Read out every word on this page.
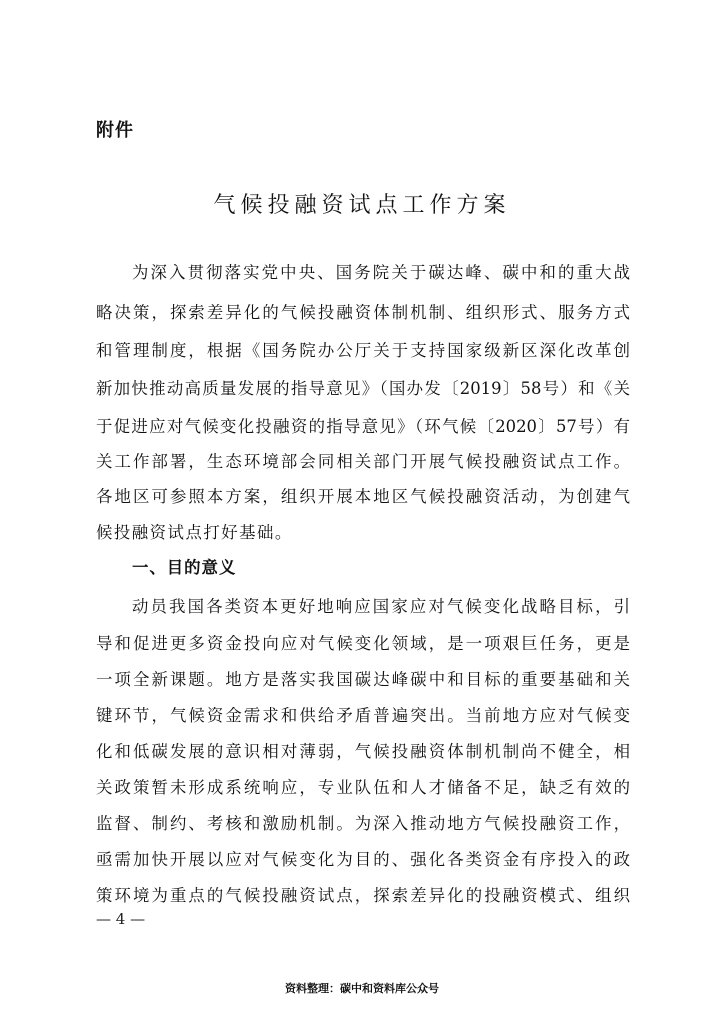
附件
气候投融资试点工作方案
为深入贯彻落实党中央、国务院关于碳达峰、碳中和的重大战
略决策，探索差异化的气候投融资体制机制、组织形式、服务方式
和管理制度，根据《国务院办公厅关于支持国家级新区深化改革创
新加快推动高质量发展的指导意见》（国办发〔2019〕58号）和《关
于促进应对气候变化投融资的指导意见》（环气候〔2020〕57号）有
关工作部署，生态环境部会同相关部门开展气候投融资试点工作。
各地区可参照本方案，组织开展本地区气候投融资活动，为创建气
候投融资试点打好基础。
一、目的意义
动员我国各类资本更好地响应国家应对气候变化战略目标，引
导和促进更多资金投向应对气候变化领域，是一项艰巨任务，更是
一项全新课题。地方是落实我国碳达峰碳中和目标的重要基础和关
键环节，气候资金需求和供给矛盾普遍突出。当前地方应对气候变
化和低碳发展的意识相对薄弱，气候投融资体制机制尚不健全，相
关政策暂未形成系统响应，专业队伍和人才储备不足，缺乏有效的
监督、制约、考核和激励机制。为深入推动地方气候投融资工作，
亟需加快开展以应对气候变化为目的、强化各类资金有序投入的政
策环境为重点的气候投融资试点，探索差异化的投融资模式、组织
— 4 —
资料整理：碳中和资料库公众号
